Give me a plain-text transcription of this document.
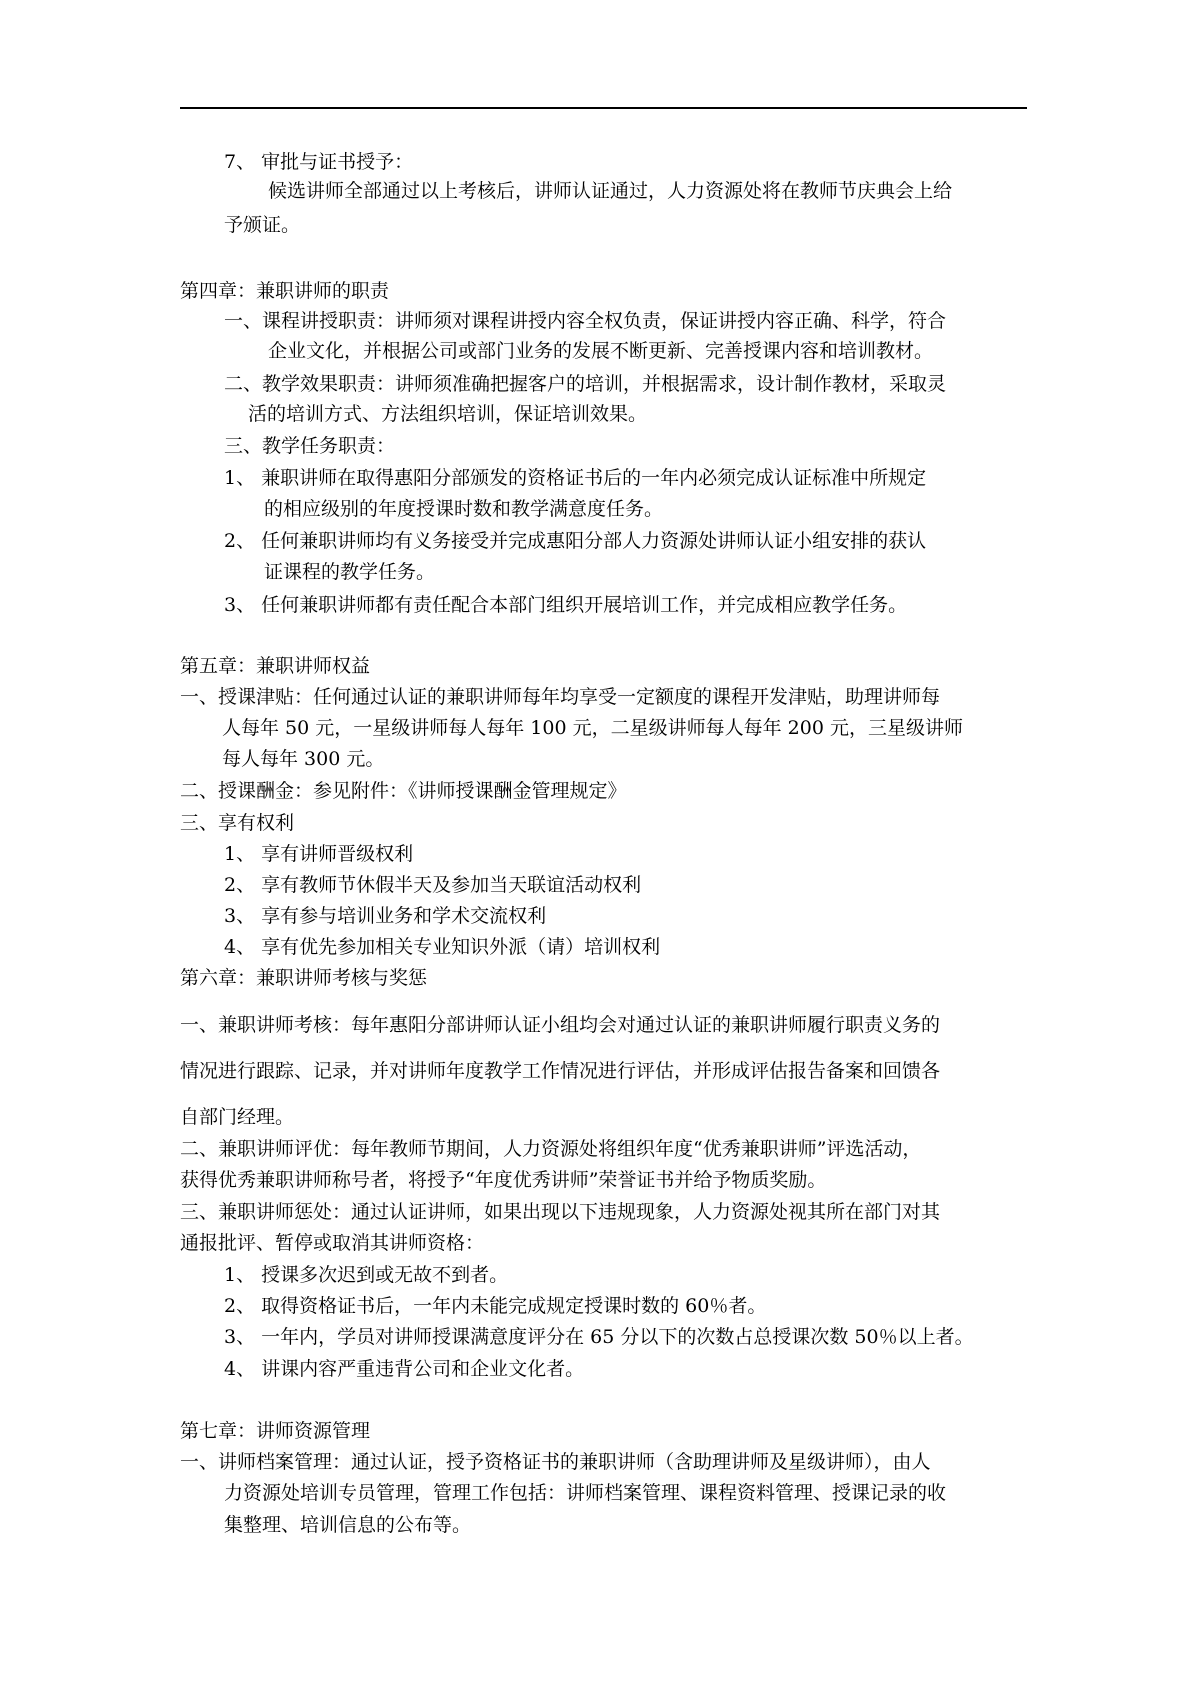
7、 审批与证书授予：
候选讲师全部通过以上考核后，讲师认证通过，人力资源处将在教师节庆典会上给
予颁证。
第四章：兼职讲师的职责
一、课程讲授职责：讲师须对课程讲授内容全权负责，保证讲授内容正确、科学，符合
企业文化，并根据公司或部门业务的发展不断更新、完善授课内容和培训教材。
二、教学效果职责：讲师须准确把握客户的培训，并根据需求，设计制作教材，采取灵
活的培训方式、方法组织培训，保证培训效果。
三、教学任务职责：
1、 兼职讲师在取得惠阳分部颁发的资格证书后的一年内必须完成认证标准中所规定
的相应级别的年度授课时数和教学满意度任务。
2、 任何兼职讲师均有义务接受并完成惠阳分部人力资源处讲师认证小组安排的获认
证课程的教学任务。
3、 任何兼职讲师都有责任配合本部门组织开展培训工作，并完成相应教学任务。
第五章：兼职讲师权益
一、授课津贴：任何通过认证的兼职讲师每年均享受一定额度的课程开发津贴，助理讲师每
人每年 50 元，一星级讲师每人每年 100 元，二星级讲师每人每年 200 元，三星级讲师
每人每年 300 元。
二、授课酬金：参见附件：《讲师授课酬金管理规定》
三、享有权利
1、 享有讲师晋级权利
2、 享有教师节休假半天及参加当天联谊活动权利
3、 享有参与培训业务和学术交流权利
4、 享有优先参加相关专业知识外派（请）培训权利
第六章：兼职讲师考核与奖惩
一、兼职讲师考核：每年惠阳分部讲师认证小组均会对通过认证的兼职讲师履行职责义务的
情况进行跟踪、记录，并对讲师年度教学工作情况进行评估，并形成评估报告备案和回馈各
自部门经理。
二、兼职讲师评优：每年教师节期间，人力资源处将组织年度“优秀兼职讲师”评选活动，
获得优秀兼职讲师称号者，将授予“年度优秀讲师”荣誉证书并给予物质奖励。
三、兼职讲师惩处：通过认证讲师，如果出现以下违规现象，人力资源处视其所在部门对其
通报批评、暂停或取消其讲师资格：
1、 授课多次迟到或无故不到者。
2、 取得资格证书后，一年内未能完成规定授课时数的 60％者。
3、 一年内，学员对讲师授课满意度评分在 65 分以下的次数占总授课次数 50％以上者。
4、 讲课内容严重违背公司和企业文化者。
第七章：讲师资源管理
一、讲师档案管理：通过认证，授予资格证书的兼职讲师（含助理讲师及星级讲师），由人
力资源处培训专员管理，管理工作包括：讲师档案管理、课程资料管理、授课记录的收
集整理、培训信息的公布等。
